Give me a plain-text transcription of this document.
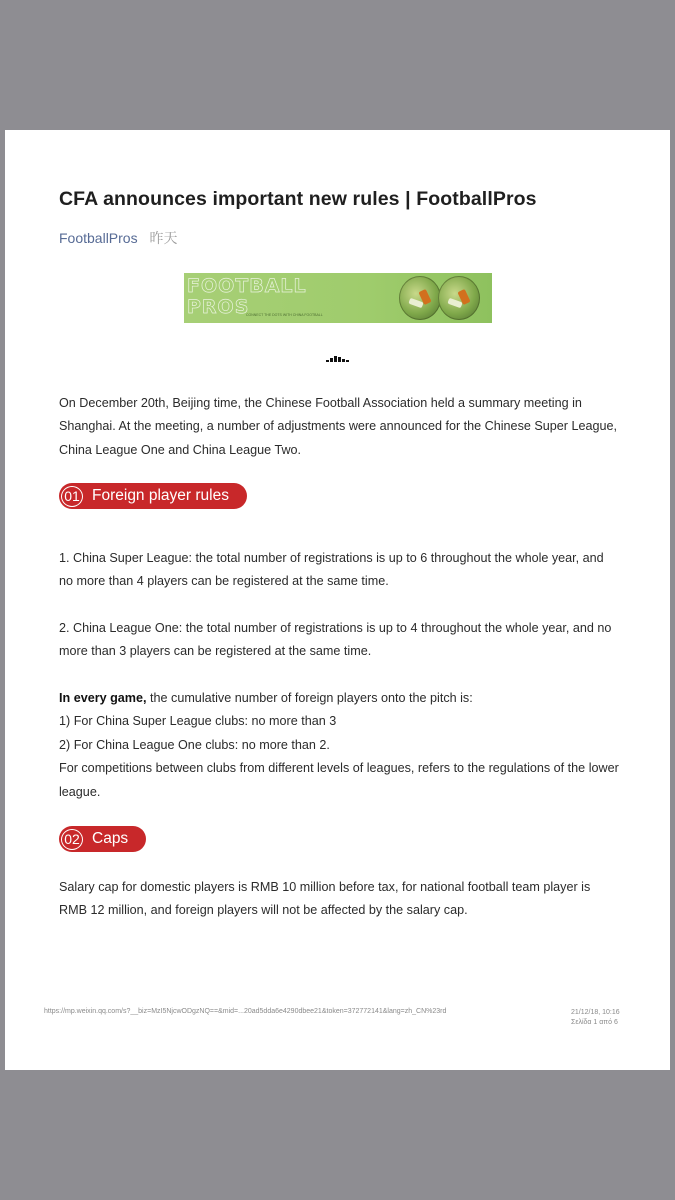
CFA announces important new rules | FootballPros
FootballPros 昨天
FOOTBALL
PROS
CONNECT THE DOTS WITH CHINA FOOTBALL
On December 20th, Beijing time, the Chinese Football Association held a summary meeting in Shanghai. At the meeting, a number of adjustments were announced for the Chinese Super League, China League One and China League Two.
01 Foreign player rules
1. China Super League: the total number of registrations is up to 6 throughout the whole year, and no more than 4 players can be registered at the same time.
2. China League One: the total number of registrations is up to 4 throughout the whole year, and no more than 3 players can be registered at the same time.
In every game, the cumulative number of foreign players onto the pitch is:
1) For China Super League clubs: no more than 3
2) For China League One clubs: no more than 2.
For competitions between clubs from different levels of leagues, refers to the regulations of the lower league.
02 Caps
Salary cap for domestic players is RMB 10 million before tax, for national football team player is RMB 12 million, and foreign players will not be affected by the salary cap.
https://mp.weixin.qq.com/s?__biz=MzI5NjcwODgzNQ==&mid=...20ad5dda6e4290dbee21&token=372772141&lang=zh_CN%23rd	21/12/18, 10:16
Σελίδα 1 από 6
